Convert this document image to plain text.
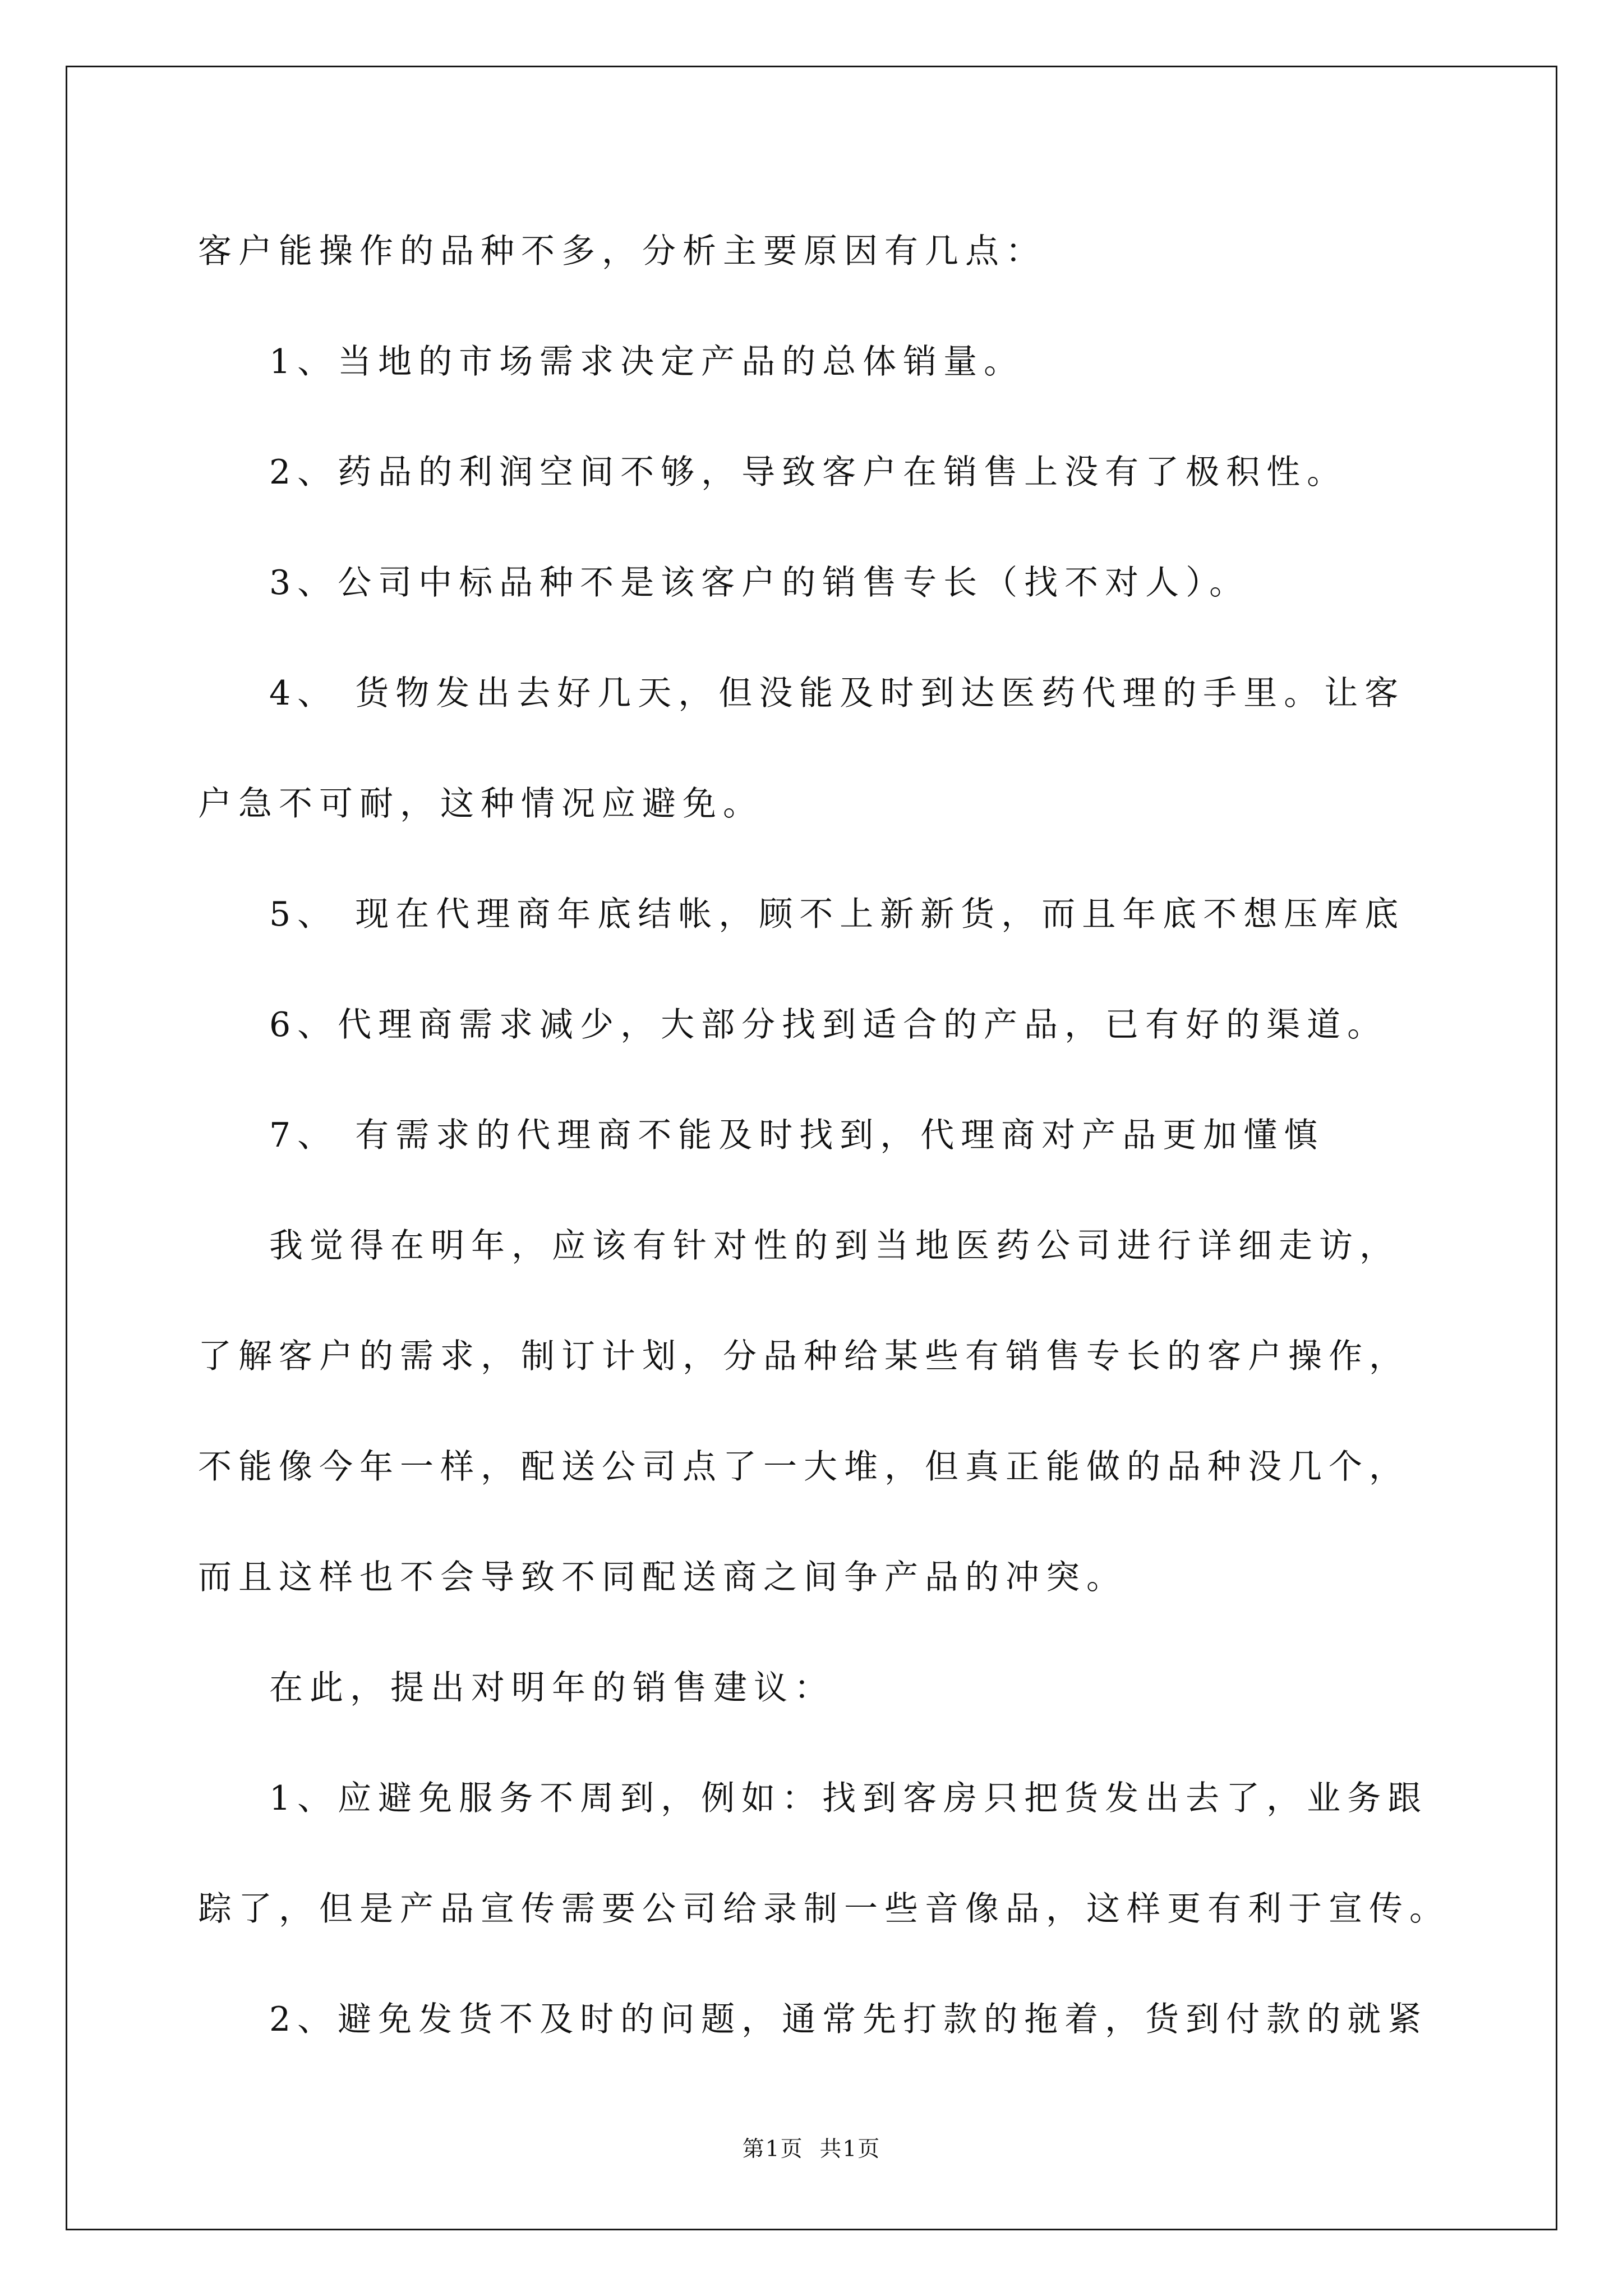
客户能操作的品种不多，分析主要原因有几点：
1、当地的市场需求决定产品的总体销量。
2、药品的利润空间不够，导致客户在销售上没有了极积性。
3、公司中标品种不是该客户的销售专长（找不对人）。
4、 货物发出去好几天，但没能及时到达医药代理的手里。让客
户急不可耐，这种情况应避免。
5、 现在代理商年底结帐，顾不上新新货，而且年底不想压库底
6、代理商需求减少，大部分找到适合的产品，已有好的渠道。
7、 有需求的代理商不能及时找到，代理商对产品更加懂慎
我觉得在明年，应该有针对性的到当地医药公司进行详细走访，
了解客户的需求，制订计划，分品种给某些有销售专长的客户操作，
不能像今年一样，配送公司点了一大堆，但真正能做的品种没几个，
而且这样也不会导致不同配送商之间争产品的冲突。
在此，提出对明年的销售建议：
1、应避免服务不周到，例如：找到客房只把货发出去了，业务跟
踪了，但是产品宣传需要公司给录制一些音像品，这样更有利于宣传。
2、避免发货不及时的问题，通常先打款的拖着，货到付款的就紧
第1页  共1页
